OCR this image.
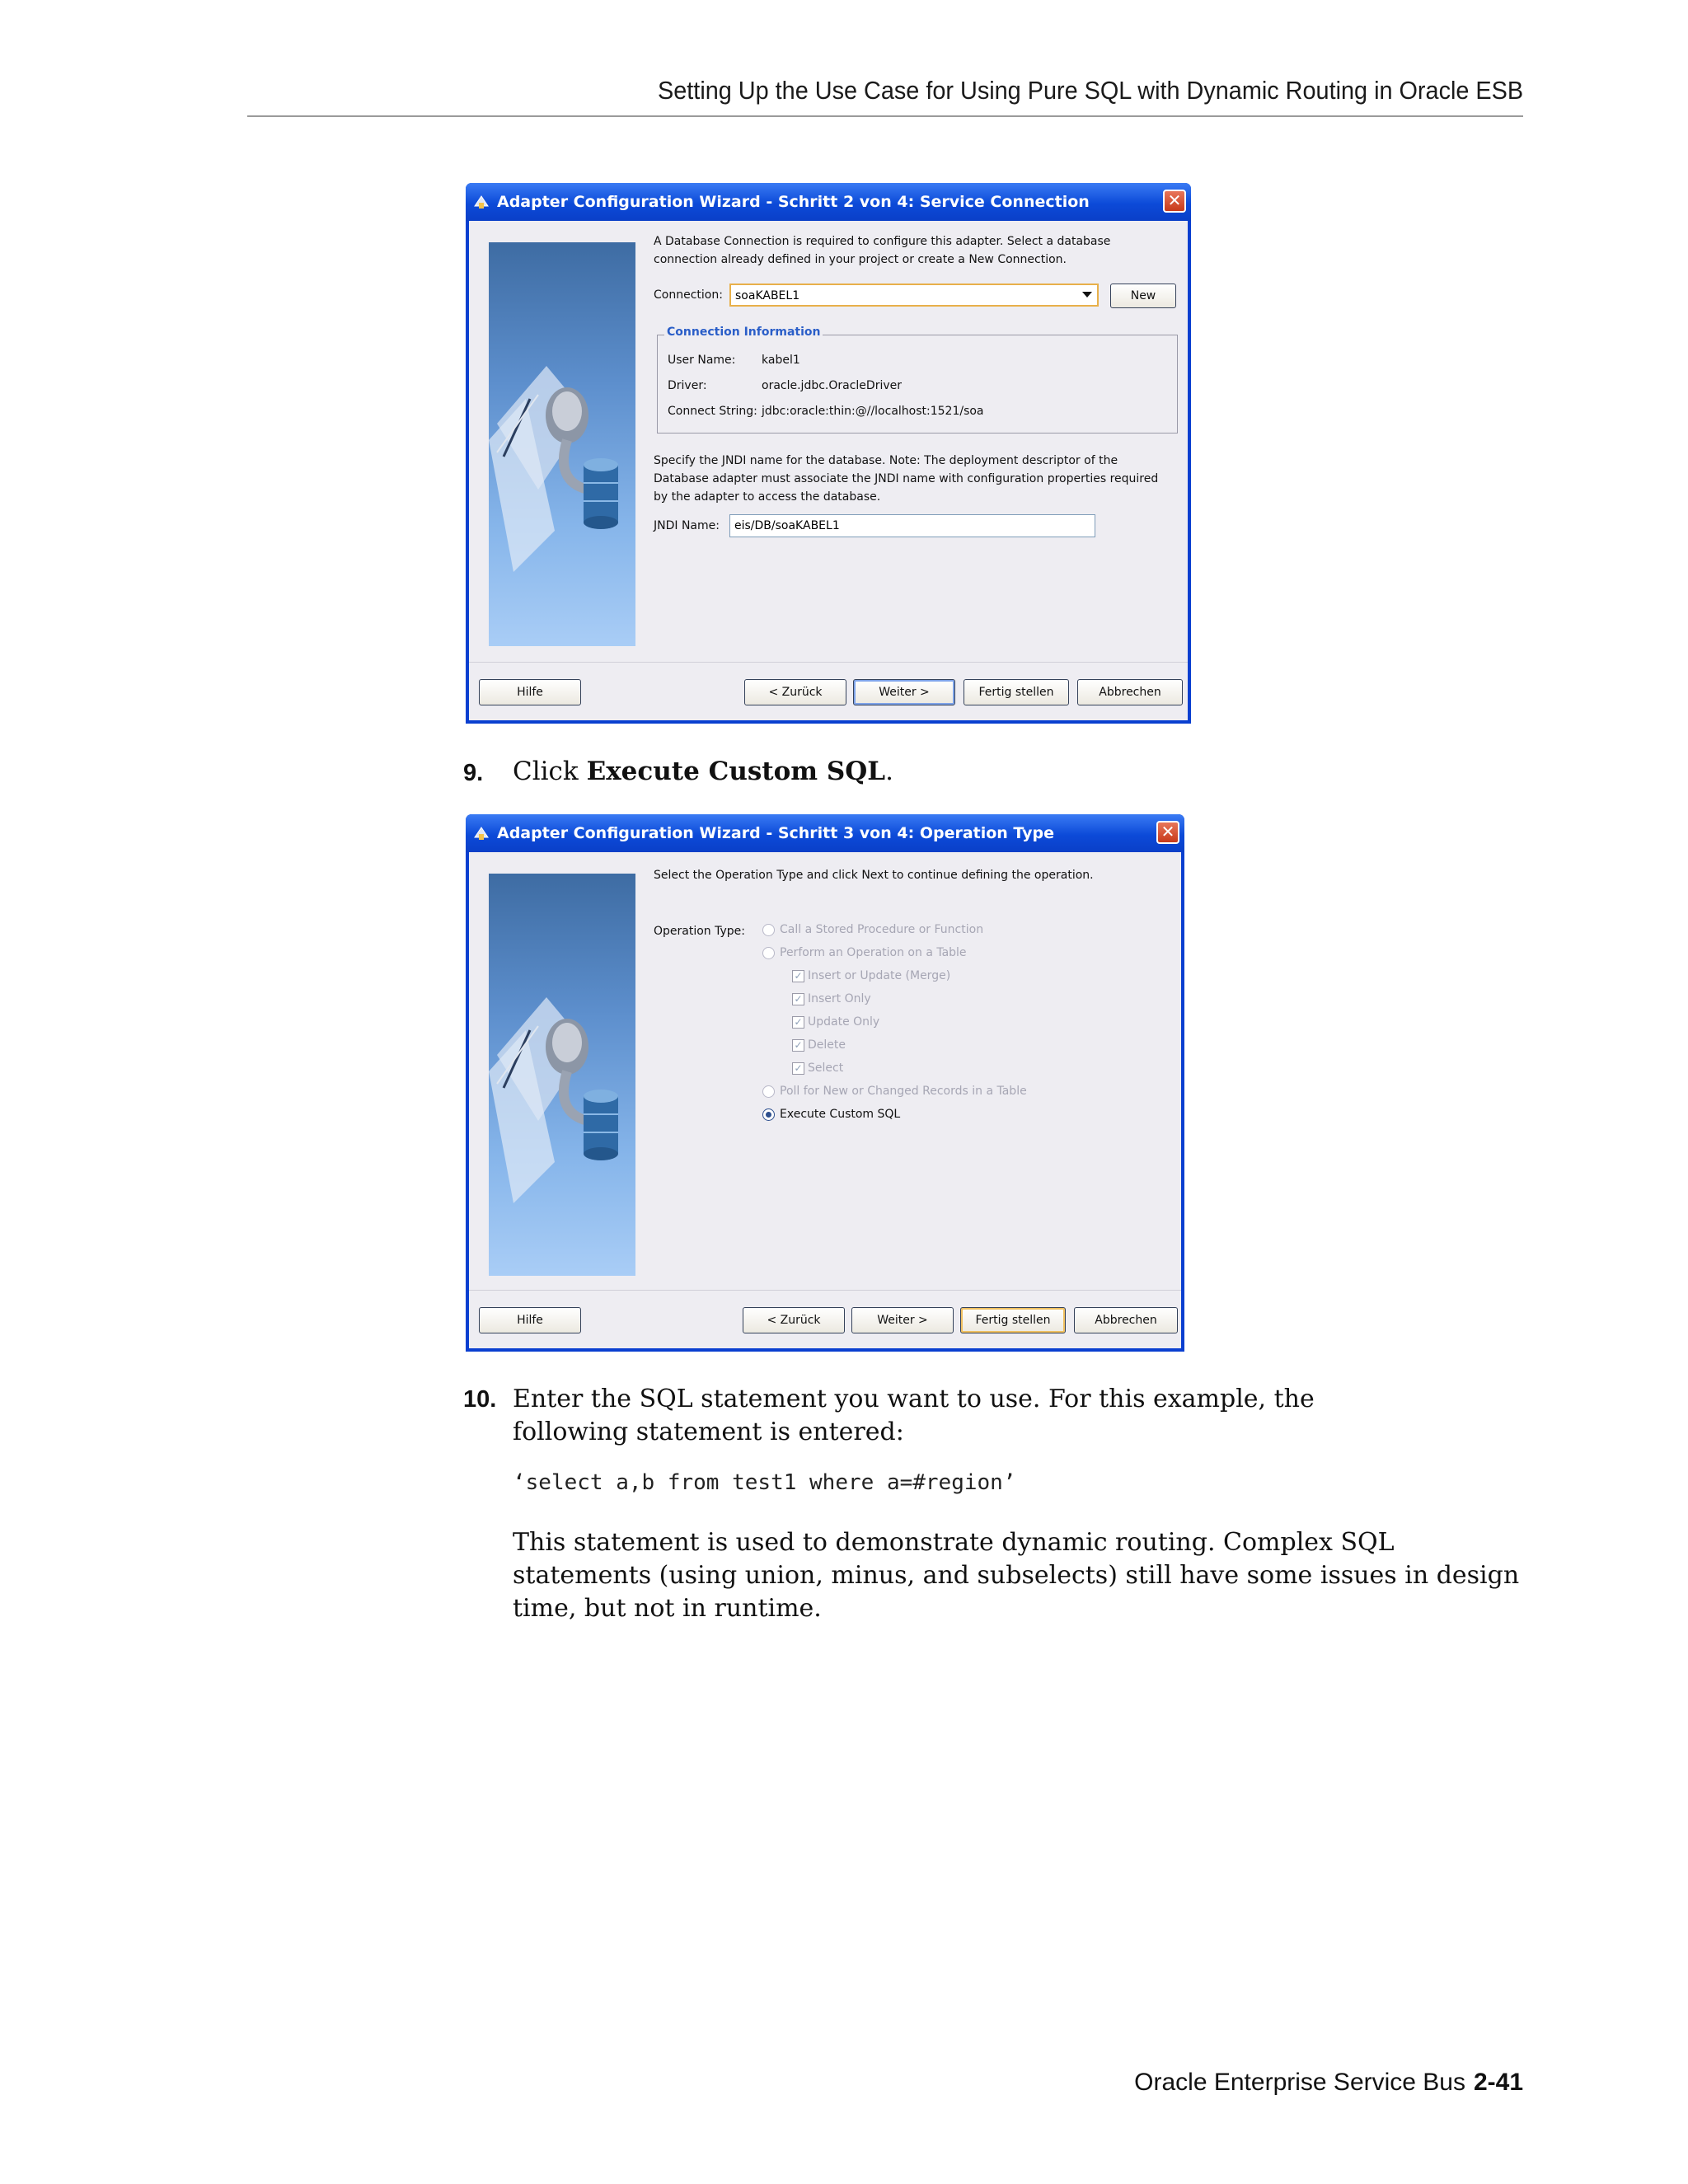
Setting Up the Use Case for Using Pure SQL with Dynamic Routing in Oracle ESB
Adapter Configuration Wizard - Schritt 2 von 4: Service Connection	✕
A Database Connection is required to configure this adapter. Select a database connection already defined in your project or create a New Connection.
Connection:	soaKABEL1	New
Connection Information
User Name: kabel1
Driver:	oracle.jdbc.OracleDriver
Connect String: jdbc:oracle:thin:@//localhost:1521/soa
Specify the JNDI name for the database. Note: The deployment descriptor of the Database adapter must associate the JNDI name with configuration properties required by the adapter to access the database.
JNDI Name:	eis/DB/soaKABEL1
Hilfe	< Zurück	Weiter >	Fertig stellen	Abbrechen
9. Click Execute Custom SQL.
Adapter Configuration Wizard - Schritt 3 von 4: Operation Type	✕
Select the Operation Type and click Next to continue defining the operation.
Operation Type:	Call a Stored Procedure or Function
Perform an Operation on a Table
✓ Insert or Update (Merge)
✓ Insert Only
✓ Update Only
✓ Delete
✓ Select
Poll for New or Changed Records in a Table
Execute Custom SQL
Hilfe	< Zurück	Weiter >	Fertig stellen	Abbrechen
10. Enter the SQL statement you want to use. For this example, the following statement is entered:
‘select a,b from test1 where a=#region’
This statement is used to demonstrate dynamic routing. Complex SQL statements (using union, minus, and subselects) still have some issues in design time, but not in runtime.
Oracle Enterprise Service Bus 2-41
